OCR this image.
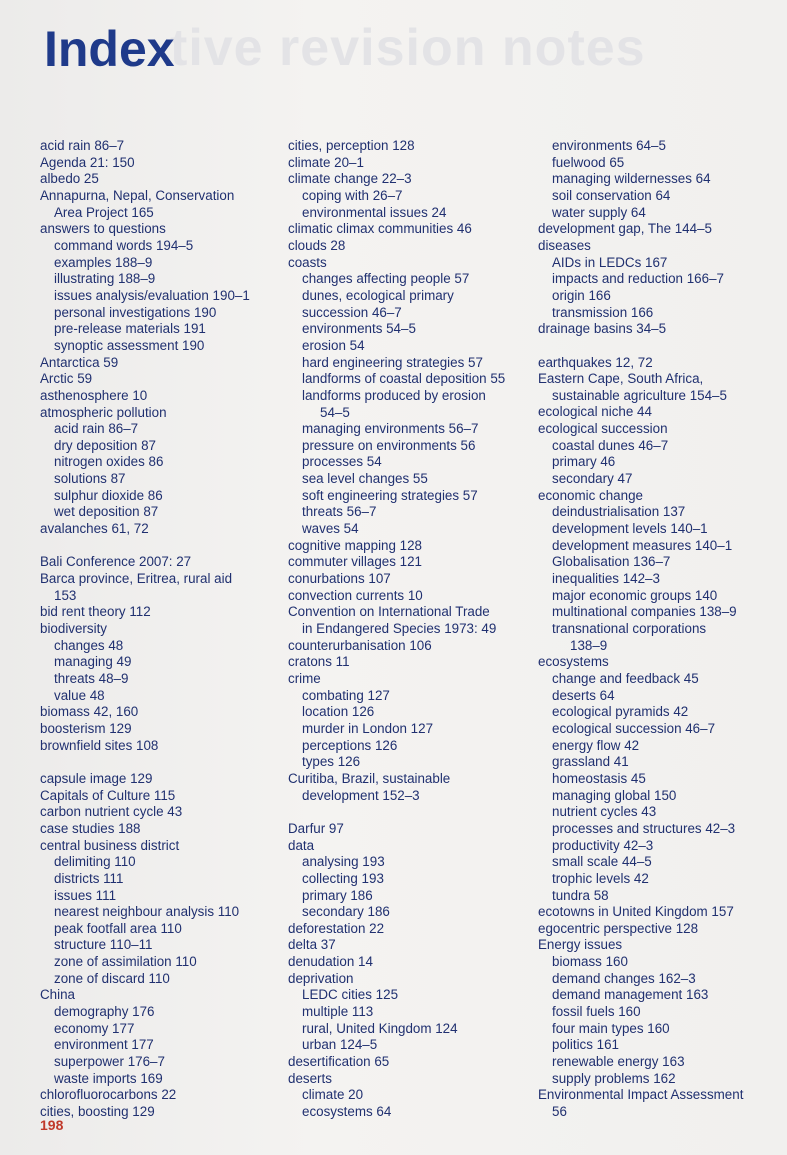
tive revision notes
Index
acid rain 86–7
Agenda 21: 150
albedo 25
Annapurna, Nepal, Conservation
Area Project 165
answers to questions
command words 194–5
examples 188–9
illustrating 188–9
issues analysis/evaluation 190–1
personal investigations 190
pre-release materials 191
synoptic assessment 190
Antarctica 59
Arctic 59
asthenosphere 10
atmospheric pollution
acid rain 86–7
dry deposition 87
nitrogen oxides 86
solutions 87
sulphur dioxide 86
wet deposition 87
avalanches 61, 72
Bali Conference 2007: 27
Barca province, Eritrea, rural aid
153
bid rent theory 112
biodiversity
changes 48
managing 49
threats 48–9
value 48
biomass 42, 160
boosterism 129
brownfield sites 108
capsule image 129
Capitals of Culture 115
carbon nutrient cycle 43
case studies 188
central business district
delimiting 110
districts 111
issues 111
nearest neighbour analysis 110
peak footfall area 110
structure 110–11
zone of assimilation 110
zone of discard 110
China
demography 176
economy 177
environment 177
superpower 176–7
waste imports 169
chlorofluorocarbons 22
cities, boosting 129
cities, perception 128
climate 20–1
climate change 22–3
coping with 26–7
environmental issues 24
climatic climax communities 46
clouds 28
coasts
changes affecting people 57
dunes, ecological primary
succession 46–7
environments 54–5
erosion 54
hard engineering strategies 57
landforms of coastal deposition 55
landforms produced by erosion
54–5
managing environments 56–7
pressure on environments 56
processes 54
sea level changes 55
soft engineering strategies 57
threats 56–7
waves 54
cognitive mapping 128
commuter villages 121
conurbations 107
convection currents 10
Convention on International Trade
in Endangered Species 1973: 49
counterurbanisation 106
cratons 11
crime
combating 127
location 126
murder in London 127
perceptions 126
types 126
Curitiba, Brazil, sustainable
development 152–3
Darfur 97
data
analysing 193
collecting 193
primary 186
secondary 186
deforestation 22
delta 37
denudation 14
deprivation
LEDC cities 125
multiple 113
rural, United Kingdom 124
urban 124–5
desertification 65
deserts
climate 20
ecosystems 64
environments 64–5
fuelwood 65
managing wildernesses 64
soil conservation 64
water supply 64
development gap, The 144–5
diseases
AIDs in LEDCs 167
impacts and reduction 166–7
origin 166
transmission 166
drainage basins 34–5
earthquakes 12, 72
Eastern Cape, South Africa,
sustainable agriculture 154–5
ecological niche 44
ecological succession
coastal dunes 46–7
primary 46
secondary 47
economic change
deindustrialisation 137
development levels 140–1
development measures 140–1
Globalisation 136–7
inequalities 142–3
major economic groups 140
multinational companies 138–9
transnational corporations
138–9
ecosystems
change and feedback 45
deserts 64
ecological pyramids 42
ecological succession 46–7
energy flow 42
grassland 41
homeostasis 45
managing global 150
nutrient cycles 43
processes and structures 42–3
productivity 42–3
small scale 44–5
trophic levels 42
tundra 58
ecotowns in United Kingdom 157
egocentric perspective 128
Energy issues
biomass 160
demand changes 162–3
demand management 163
fossil fuels 160
four main types 160
politics 161
renewable energy 163
supply problems 162
Environmental Impact Assessment
56
198
